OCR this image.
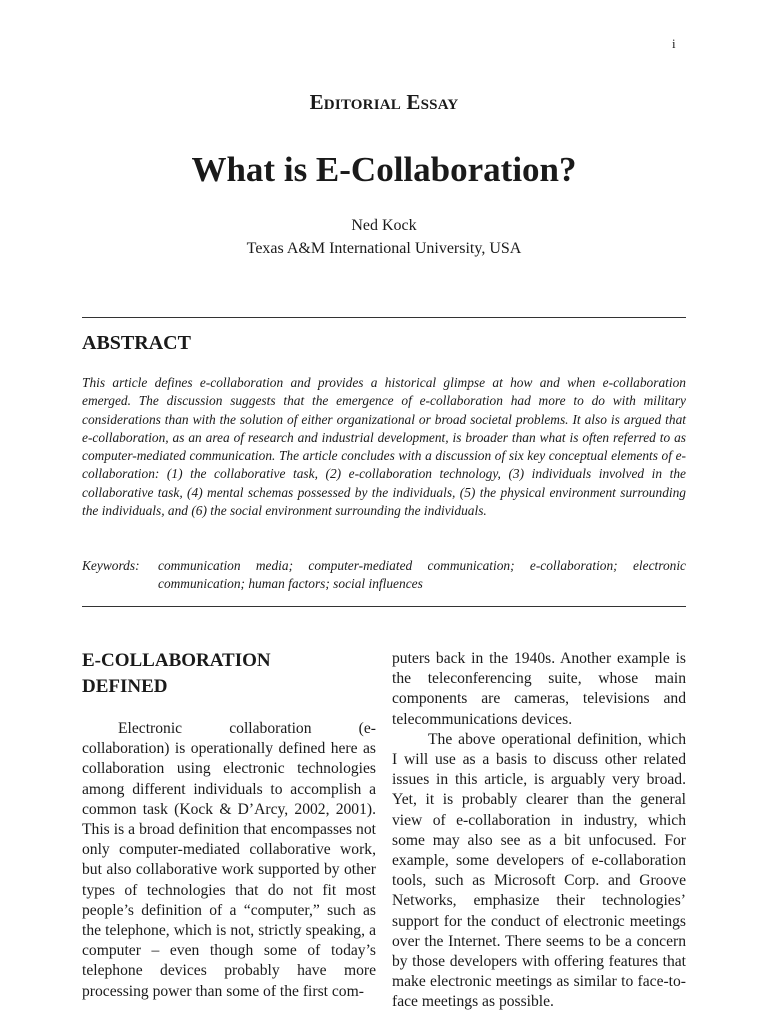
i
Editorial Essay
What is E-Collaboration?
Ned Kock
Texas A&M International University, USA
ABSTRACT

This article defines e-collaboration and provides a historical glimpse at how and when e-collaboration emerged. The discussion suggests that the emergence of e-collaboration had more to do with military considerations than with the solution of either organizational or broad societal problems. It also is argued that e-collaboration, as an area of research and industrial development, is broader than what is often referred to as computer-mediated communication. The article concludes with a discussion of six key conceptual elements of e-collaboration: (1) the collaborative task, (2) e-collaboration technology, (3) individuals involved in the collaborative task, (4) mental schemas possessed by the individuals, (5) the physical environment surrounding the individuals, and (6) the social environment surrounding the individuals.

Keywords: communication media; computer-mediated communication; e-collaboration; electronic communication; human factors; social influences
E-COLLABORATION DEFINED

Electronic collaboration (e-collaboration) is operationally defined here as collaboration using electronic technologies among different individuals to accomplish a common task (Kock & D’Arcy, 2002, 2001). This is a broad definition that encompasses not only computer-mediated collaborative work, but also collaborative work supported by other types of technologies that do not fit most people’s definition of a “computer,” such as the telephone, which is not, strictly speaking, a computer – even though some of today’s telephone devices probably have more processing power than some of the first com-

puters back in the 1940s. Another example is the teleconferencing suite, whose main components are cameras, televisions and telecommunications devices.

The above operational definition, which I will use as a basis to discuss other related issues in this article, is arguably very broad. Yet, it is probably clearer than the general view of e-collaboration in industry, which some may also see as a bit unfocused. For example, some developers of e-collaboration tools, such as Microsoft Corp. and Groove Networks, emphasize their technologies’ support for the conduct of electronic meetings over the Internet. There seems to be a concern by those developers with offering features that make electronic meetings as similar to face-to-face meetings as possible.
